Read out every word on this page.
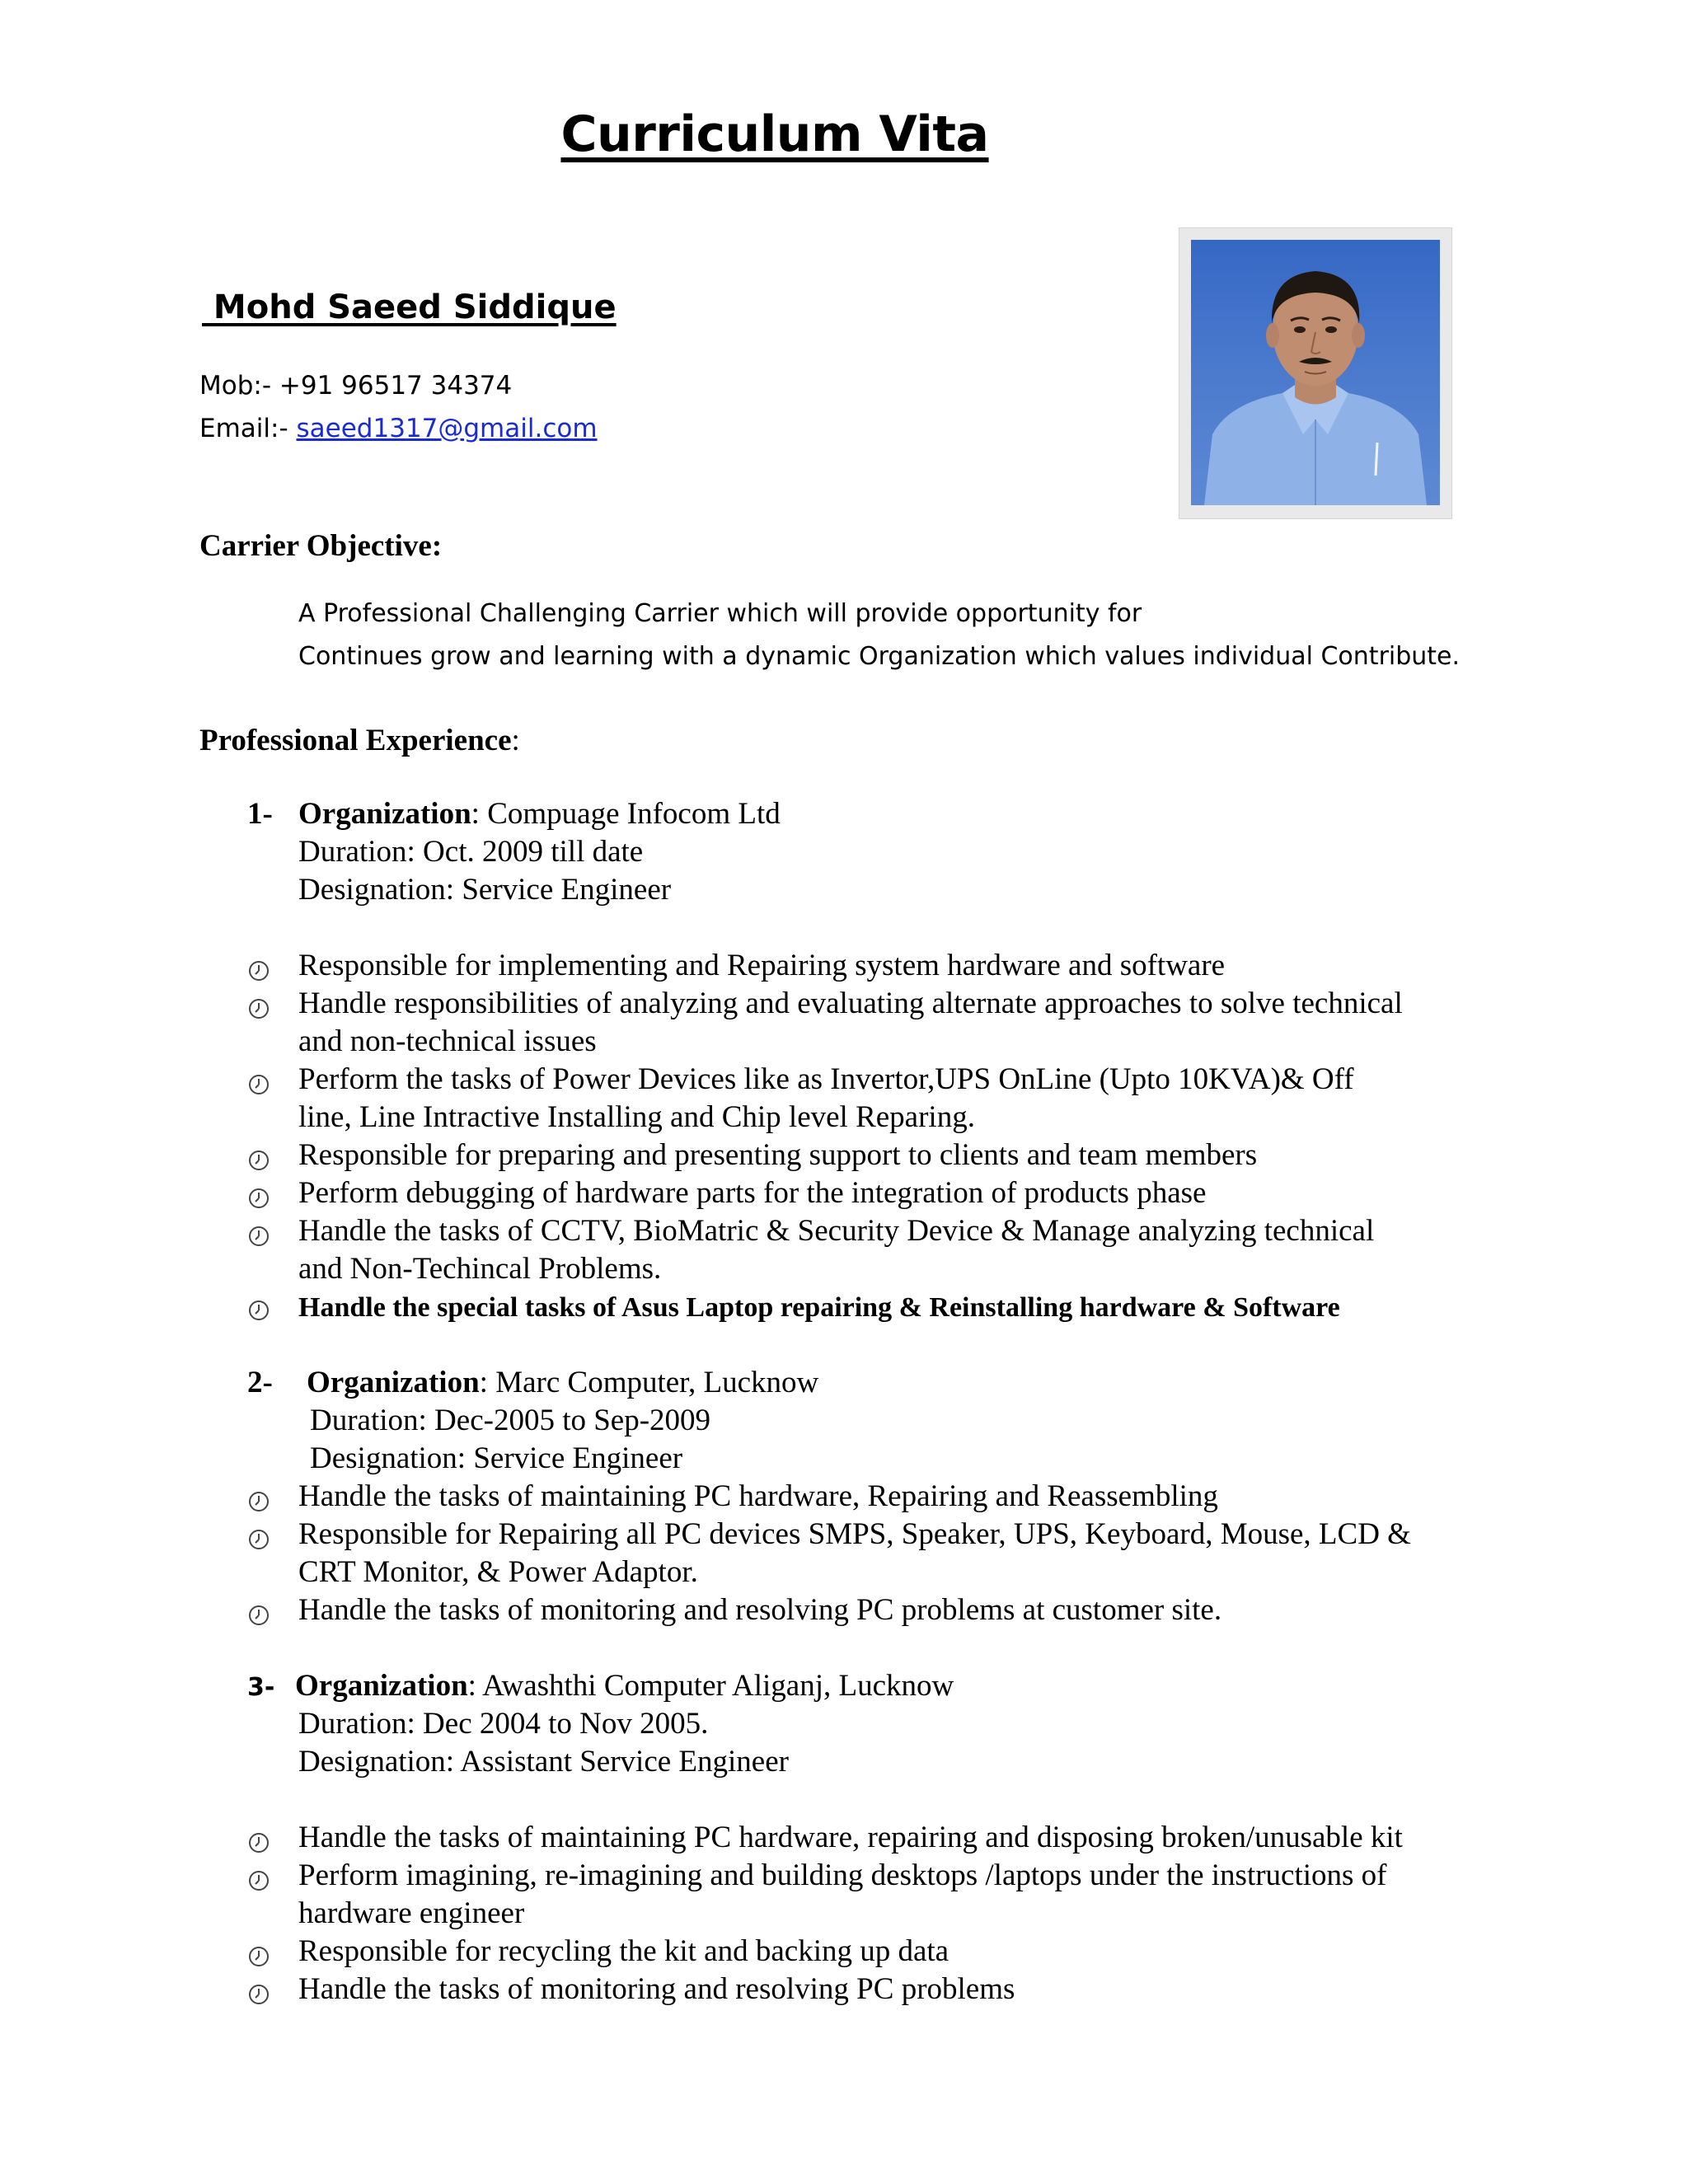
Curriculum Vita
Mohd Saeed Siddique
Mob:- +91 96517 34374
Email:- saeed1317@gmail.com
Carrier Objective:
A Professional Challenging Carrier which will provide opportunity for
Continues grow and learning with a dynamic Organization which values individual Contribute.
Professional Experience:
1- Organization: Compuage Infocom Ltd
Duration: Oct. 2009 till date
Designation: Service Engineer
Responsible for implementing and Repairing system hardware and software
Handle responsibilities of analyzing and evaluating alternate approaches to solve technical
and non-technical issues
Perform the tasks of Power Devices like as Invertor,UPS OnLine (Upto 10KVA)& Off
line, Line Intractive Installing and Chip level Reparing.
Responsible for preparing and presenting support to clients and team members
Perform debugging of hardware parts for the integration of products phase
Handle the tasks of CCTV, BioMatric & Security Device & Manage analyzing technical
and Non-Techincal Problems.
Handle the special tasks of Asus Laptop repairing & Reinstalling hardware & Software
2- Organization: Marc Computer, Lucknow
Duration: Dec-2005 to Sep-2009
Designation: Service Engineer
Handle the tasks of maintaining PC hardware, Repairing and Reassembling
Responsible for Repairing all PC devices SMPS, Speaker, UPS, Keyboard, Mouse, LCD &
CRT Monitor, & Power Adaptor.
Handle the tasks of monitoring and resolving PC problems at customer site.
3- Organization: Awashthi Computer Aliganj, Lucknow
Duration: Dec 2004 to Nov 2005.
Designation: Assistant Service Engineer
Handle the tasks of maintaining PC hardware, repairing and disposing broken/unusable kit
Perform imagining, re-imagining and building desktops /laptops under the instructions of
hardware engineer
Responsible for recycling the kit and backing up data
Handle the tasks of monitoring and resolving PC problems
